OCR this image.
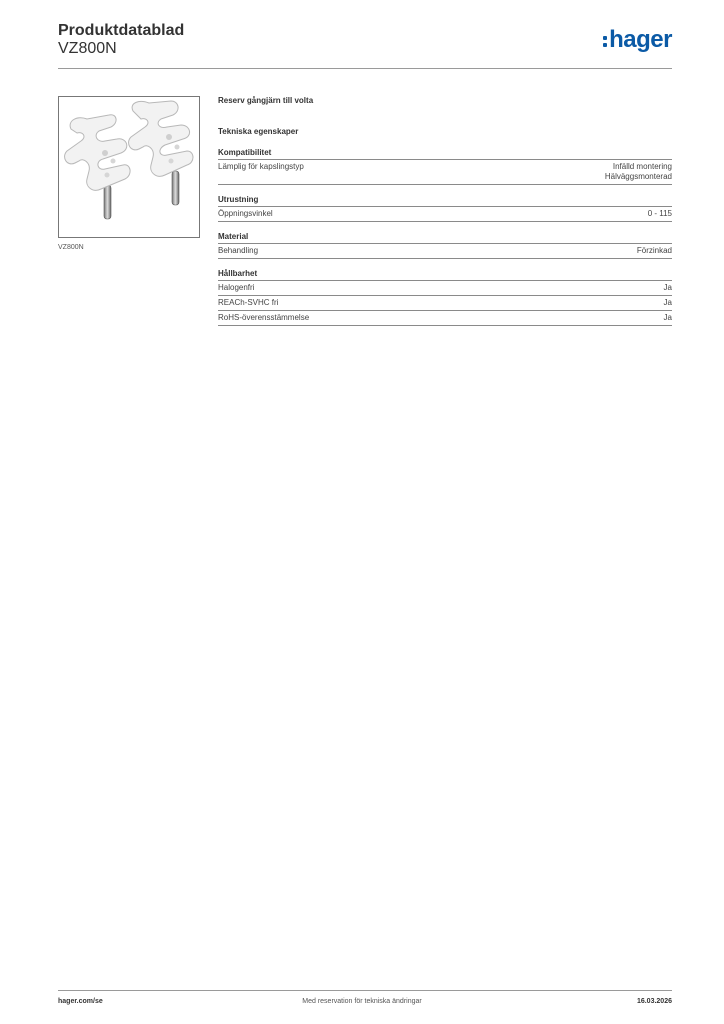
Produktdatablad
VZ800N	hager
VZ800N
Reserv gångjärn till volta
Tekniska egenskaper
Kompatibilitet
Lämplig för kapslingstyp	Infälld montering
Hälväggsmonterad
Utrustning
Öppningsvinkel	0 - 115
Material
Behandling	Förzinkad
Hållbarhet
Halogenfri	Ja
REACh-SVHC fri	Ja
RoHS-överensstämmelse	Ja
hager.com/se	Med reservation för tekniska ändringar	16.03.2026
